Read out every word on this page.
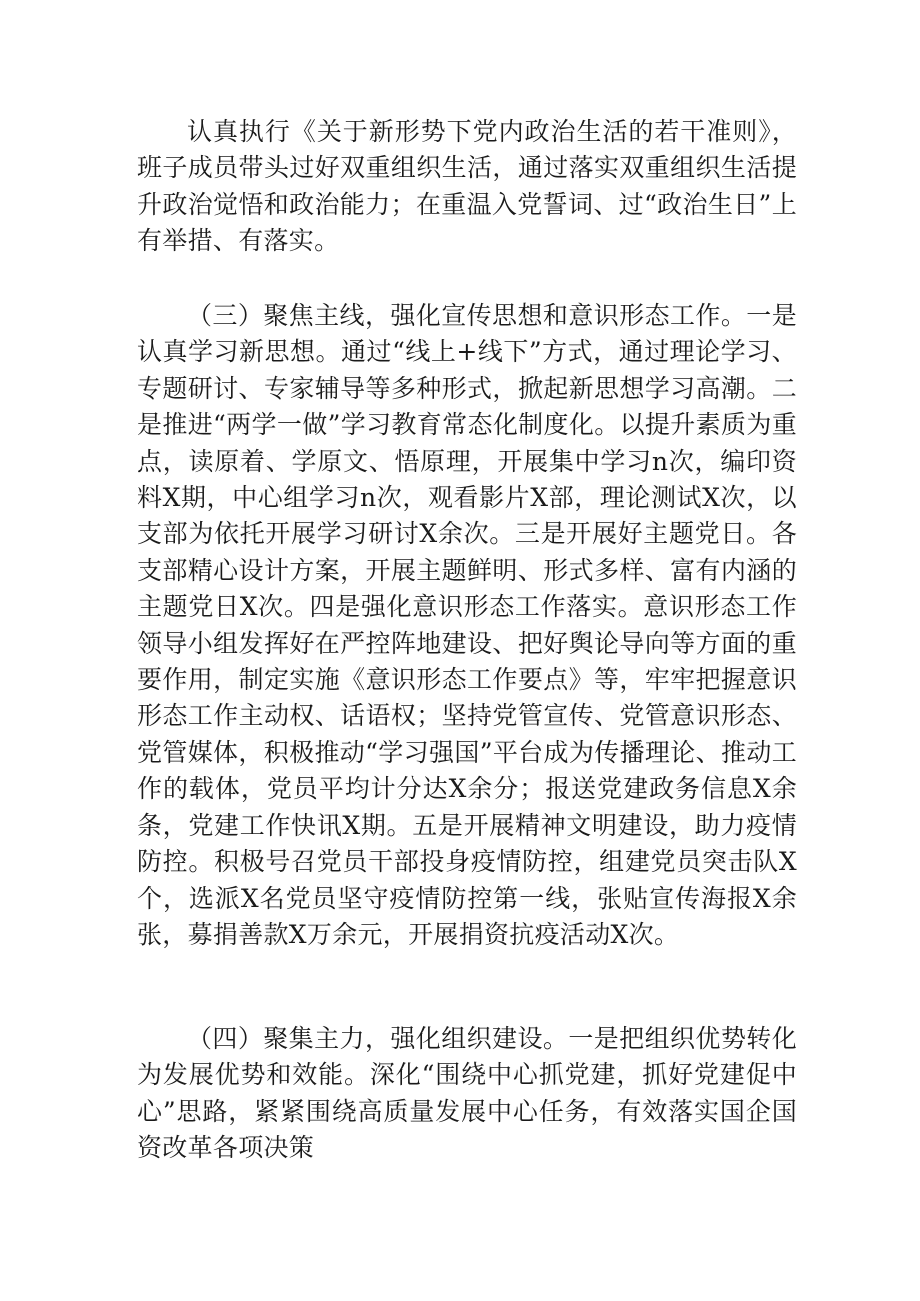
认真执行《关于新形势下党内政治生活的若干准则》，班子成员带头过好双重组织生活，通过落实双重组织生活提升政治觉悟和政治能力；在重温入党誓词、过“政治生日”上有举措、有落实。

（三）聚焦主线，强化宣传思想和意识形态工作。一是认真学习新思想。通过“线上+线下”方式，通过理论学习、专题研讨、专家辅导等多种形式，掀起新思想学习高潮。二是推进“两学一做”学习教育常态化制度化。以提升素质为重点，读原着、学原文、悟原理，开展集中学习n次，编印资料X期，中心组学习n次，观看影片X部，理论测试X次，以支部为依托开展学习研讨X余次。三是开展好主题党日。各支部精心设计方案，开展主题鲜明、形式多样、富有内涵的主题党日X次。四是强化意识形态工作落实。意识形态工作领导小组发挥好在严控阵地建设、把好舆论导向等方面的重要作用，制定实施《意识形态工作要点》等，牢牢把握意识形态工作主动权、话语权；坚持党管宣传、党管意识形态、党管媒体，积极推动“学习强国”平台成为传播理论、推动工作的载体，党员平均计分达X余分；报送党建政务信息X余条，党建工作快讯X期。五是开展精神文明建设，助力疫情防控。积极号召党员干部投身疫情防控，组建党员突击队X个，选派X名党员坚守疫情防控第一线，张贴宣传海报X余张，募捐善款X万余元，开展捐资抗疫活动X次。

（四）聚集主力，强化组织建设。一是把组织优势转化为发展优势和效能。深化“围绕中心抓党建，抓好党建促中心”思路，紧紧围绕高质量发展中心任务，有效落实国企国资改革各项决策
